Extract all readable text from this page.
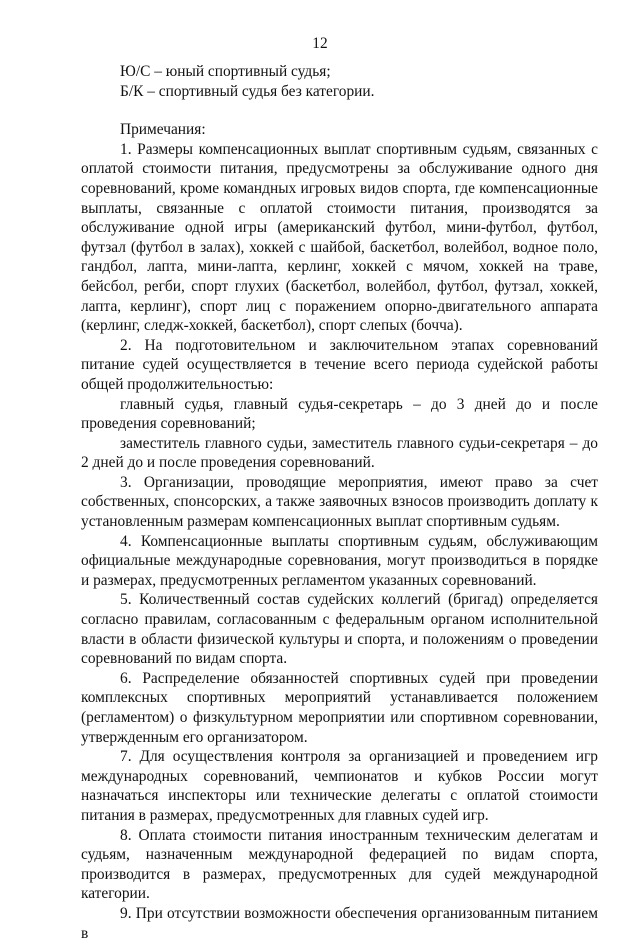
12

Ю/С – юный спортивный судья;

Б/К – спортивный судья без категории.

Примечания:

1. Размеры компенсационных выплат спортивным судьям, связанных с оплатой стоимости питания, предусмотрены за обслуживание одного дня соревнований, кроме командных игровых видов спорта, где компенсационные выплаты, связанные с оплатой стоимости питания, производятся за обслуживание одной игры (американский футбол, мини-футбол, футбол, футзал (футбол в залах), хоккей с шайбой, баскетбол, волейбол, водное поло, гандбол, лапта, мини-лапта, керлинг, хоккей с мячом, хоккей на траве, бейсбол, регби, спорт глухих (баскетбол, волейбол, футбол, футзал, хоккей, лапта, керлинг), спорт лиц с поражением опорно-двигательного аппарата (керлинг, следж-хоккей, баскетбол), спорт слепых (бочча).

2. На подготовительном и заключительном этапах соревнований питание судей осуществляется в течение всего периода судейской работы общей продолжительностью:

главный судья, главный судья-секретарь – до 3 дней до и после проведения соревнований;

заместитель главного судьи, заместитель главного судьи-секретаря – до 2 дней до и после проведения соревнований.

3. Организации, проводящие мероприятия, имеют право за счет собственных, спонсорских, а также заявочных взносов производить доплату к установленным размерам компенсационных выплат спортивным судьям.

4. Компенсационные выплаты спортивным судьям, обслуживающим официальные международные соревнования, могут производиться в порядке и размерах, предусмотренных регламентом указанных соревнований.

5. Количественный состав судейских коллегий (бригад) определяется согласно правилам, согласованным с федеральным органом исполнительной власти в области физической культуры и спорта, и положениям о проведении соревнований по видам спорта.

6. Распределение обязанностей спортивных судей при проведении комплексных спортивных мероприятий устанавливается положением (регламентом) о физкультурном мероприятии или спортивном соревновании, утвержденным его организатором.

7. Для осуществления контроля за организацией и проведением игр международных соревнований, чемпионатов и кубков России могут назначаться инспекторы или технические делегаты с оплатой стоимости питания в размерах, предусмотренных для главных судей игр.

8. Оплата стоимости питания иностранным техническим делегатам и судьям, назначенным международной федерацией по видам спорта, производится в размерах, предусмотренных для судей международной категории.

9. При отсутствии возможности обеспечения организованным питанием в
